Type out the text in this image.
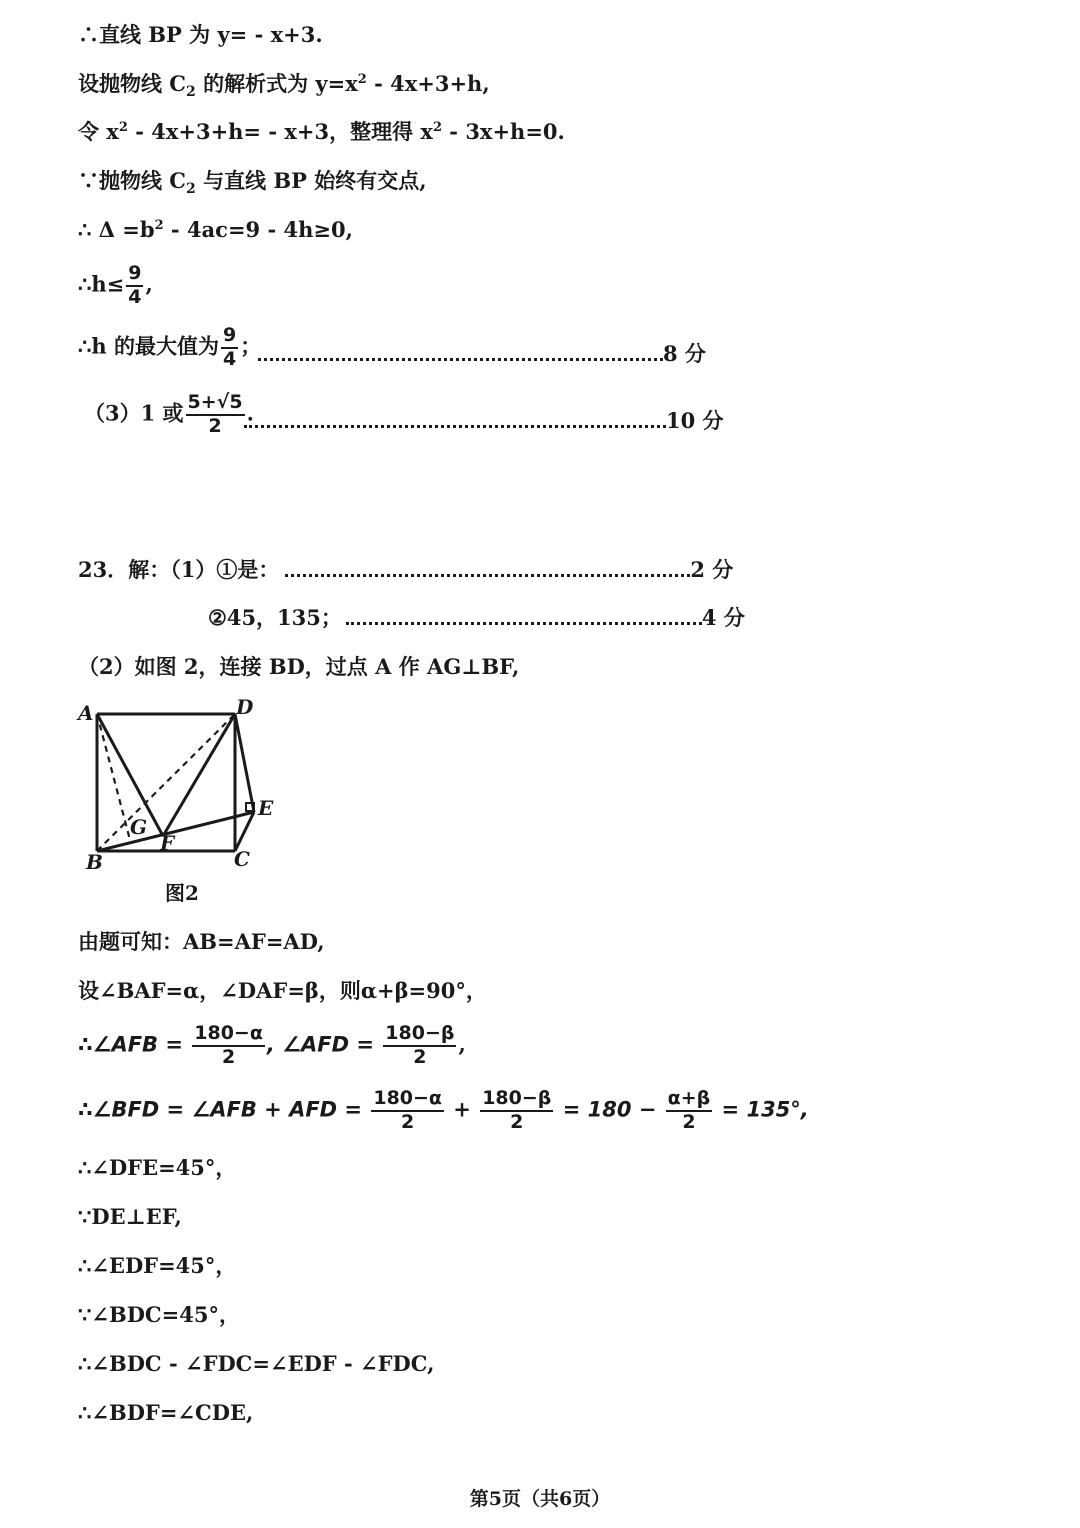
∴直线 BP 为 y= - x+3.
设抛物线 $C_2$ 的解析式为 $y=x^2 - 4x+3+h$,
令 $x^2 - 4x+3+h= - x+3$，整理得 $x^2 - 3x+h=0$.
∵抛物线 $C_2$ 与直线 BP 始终有交点,
∴ $\Delta =b^2 - 4ac=9 - 4h\ge 0$,
∴h≤ $\frac{9}{4}$ ,
∴h 的最大值为 $\frac{9}{4}$ ；	8 分
（3）1 或 $\frac{5+√5}{2}$ .	10 分
23．解：（1）①是：	2 分
②45，135；	4 分
（2）如图 2，连接 BD，过点 A 作 AG⊥BF,
A	D
B	C
E
F
G
图2
由题可知：AB=AF=AD,
设∠BAF=α，∠DAF=β，则α+β=90°，
∴∠AFB = $\frac{180-\alpha}{2}$ , ∠AFD = $\frac{180-\beta}{2}$ ,
∴∠BFD = ∠AFB + AFD = $\frac{180-\alpha}{2} + \frac{180-\beta}{2} = 180 - \frac{\alpha+\beta}{2} = 135^\circ$,
∴∠DFE=45°，
∵DE⊥EF,
∴∠EDF=45°，
∵∠BDC=45°，
∴∠BDC - ∠FDC=∠EDF - ∠FDC,
∴∠BDF=∠CDE,
第5页（共6页）
